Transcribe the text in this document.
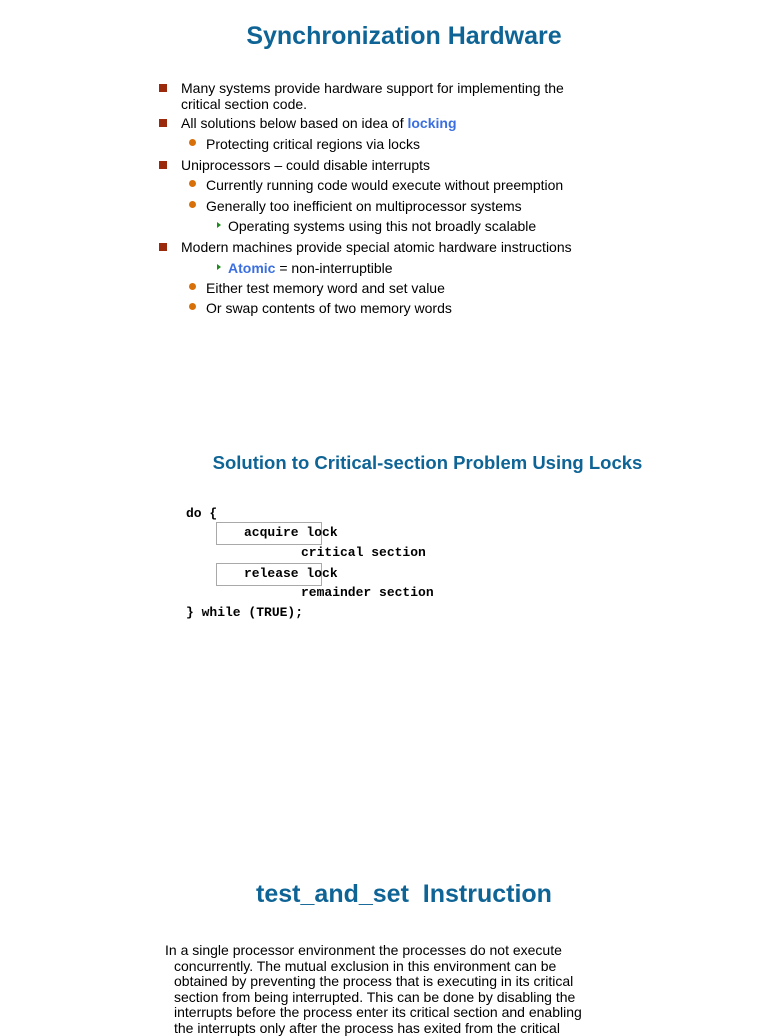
Synchronization Hardware
Many systems provide hardware support for implementing the
critical section code.
All solutions below based on idea of locking
Protecting critical regions via locks
Uniprocessors – could disable interrupts
Currently running code would execute without preemption
Generally too inefficient on multiprocessor systems
Operating systems using this not broadly scalable
Modern machines provide special atomic hardware instructions
Atomic = non-interruptible
Either test memory word and set value
Or swap contents of two memory words
Solution to Critical-section Problem Using Locks
do {
acquire lock
critical section
release lock
remainder section
} while (TRUE);
test_and_set  Instruction
In a single processor environment the processes do not execute
concurrently. The mutual exclusion in this environment can be
obtained by preventing the process that is executing in its critical
section from being interrupted. This can be done by disabling the
interrupts before the process enter its critical section and enabling
the interrupts only after the process has exited from the critical
